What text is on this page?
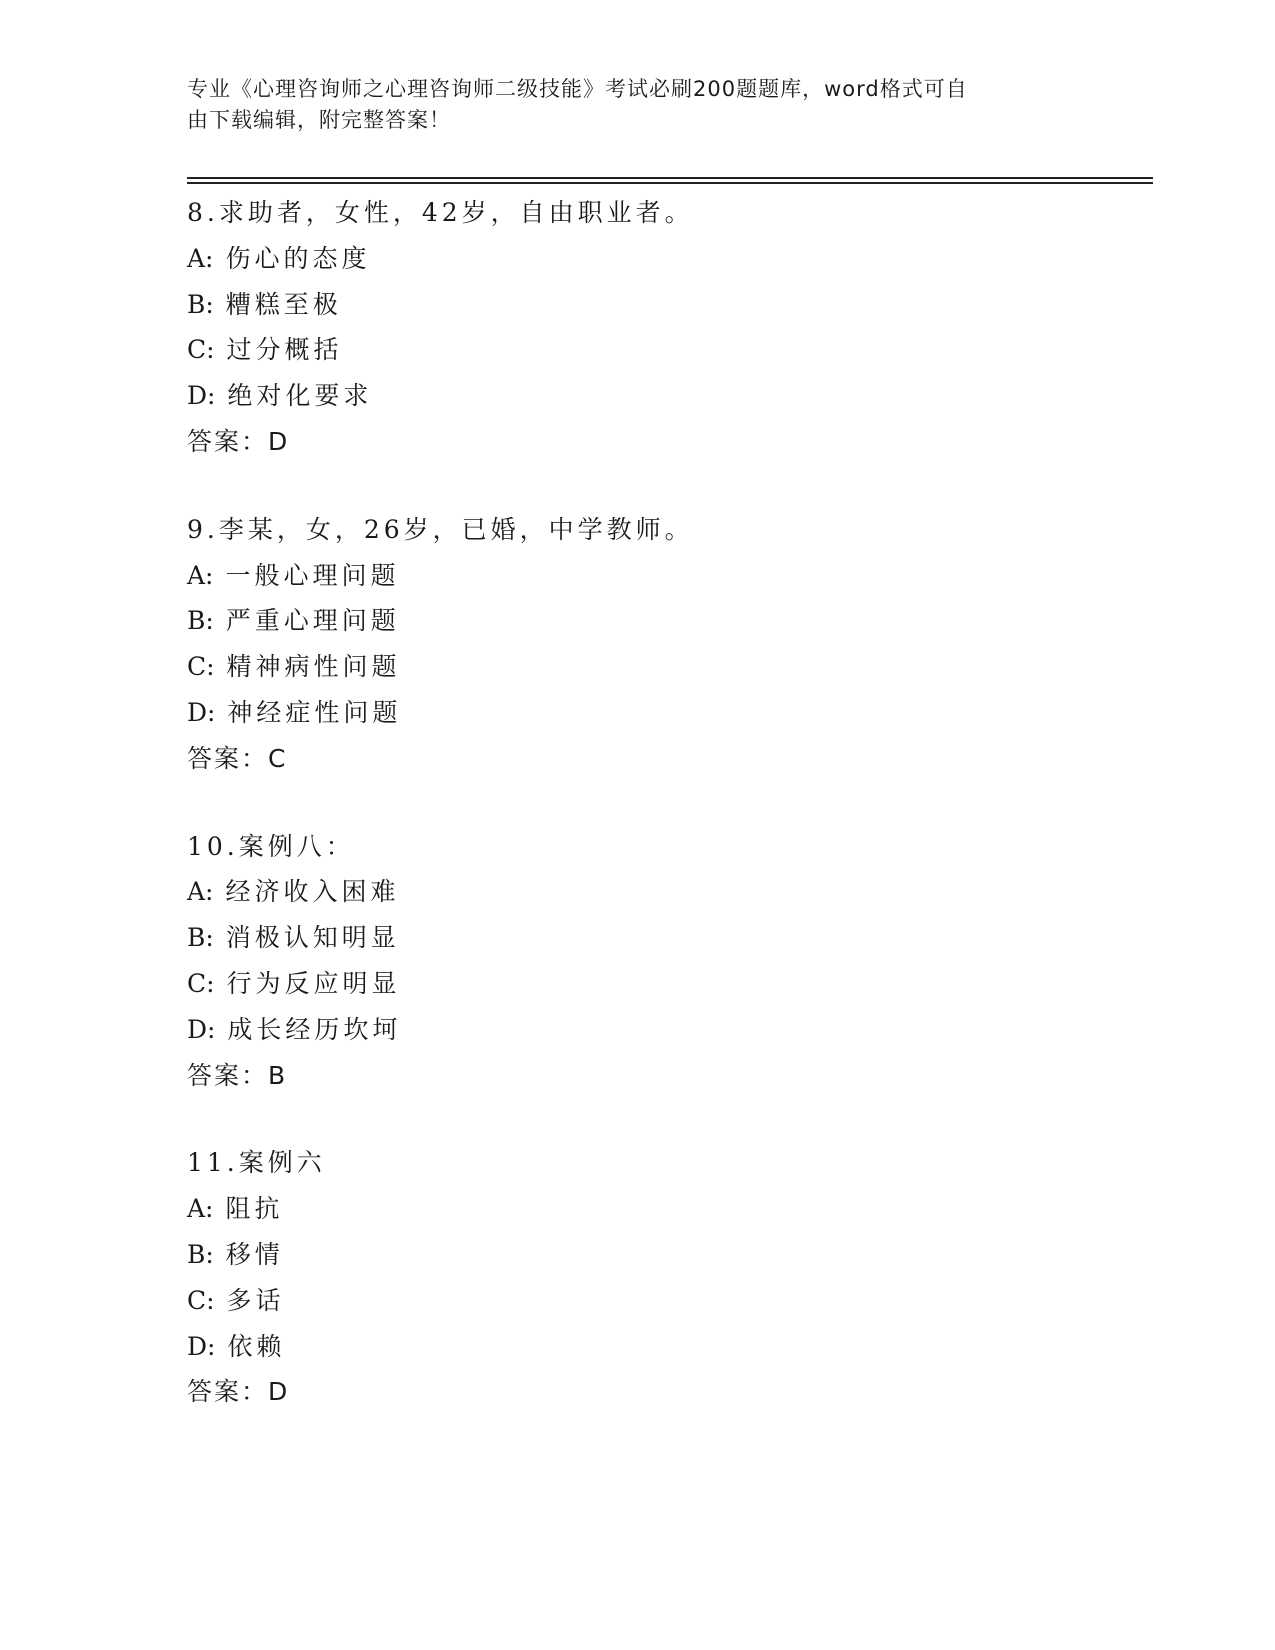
专业《心理咨询师之心理咨询师二级技能》考试必刷200题题库，word格式可自
由下载编辑，附完整答案！
8.求助者，女性，42岁，自由职业者。
A: 伤心的态度
B: 糟糕至极
C: 过分概括
D: 绝对化要求
答案：D
9.李某，女，26岁，已婚，中学教师。
A: 一般心理问题
B: 严重心理问题
C: 精神病性问题
D: 神经症性问题
答案：C
10.案例八：
A: 经济收入困难
B: 消极认知明显
C: 行为反应明显
D: 成长经历坎坷
答案：B
11.案例六
A: 阻抗
B: 移情
C: 多话
D: 依赖
答案：D
